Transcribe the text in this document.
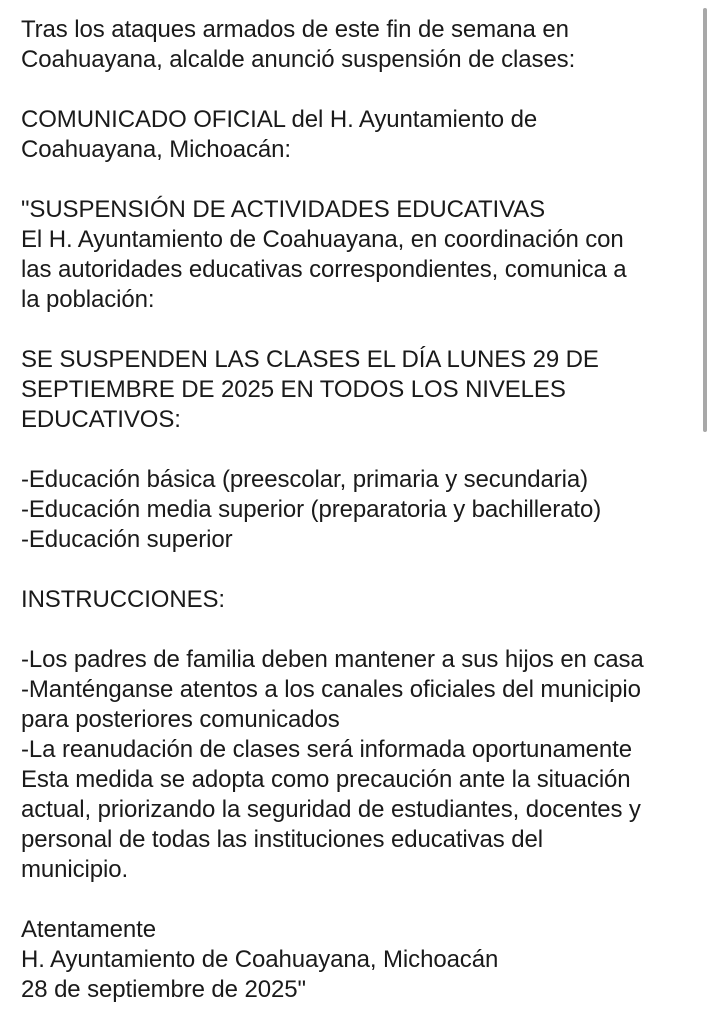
Tras los ataques armados de este fin de semana en
Coahuayana, alcalde anunció suspensión de clases:
COMUNICADO OFICIAL del H. Ayuntamiento de
Coahuayana, Michoacán:
"SUSPENSIÓN DE ACTIVIDADES EDUCATIVAS
El H. Ayuntamiento de Coahuayana, en coordinación con
las autoridades educativas correspondientes, comunica a
la población:
SE SUSPENDEN LAS CLASES EL DÍA LUNES 29 DE
SEPTIEMBRE DE 2025 EN TODOS LOS NIVELES
EDUCATIVOS:
-Educación básica (preescolar, primaria y secundaria)
-Educación media superior (preparatoria y bachillerato)
-Educación superior
INSTRUCCIONES:
-Los padres de familia deben mantener a sus hijos en casa
-Manténganse atentos a los canales oficiales del municipio
para posteriores comunicados
-La reanudación de clases será informada oportunamente
Esta medida se adopta como precaución ante la situación
actual, priorizando la seguridad de estudiantes, docentes y
personal de todas las instituciones educativas del
municipio.
Atentamente
H. Ayuntamiento de Coahuayana, Michoacán
28 de septiembre de 2025"
